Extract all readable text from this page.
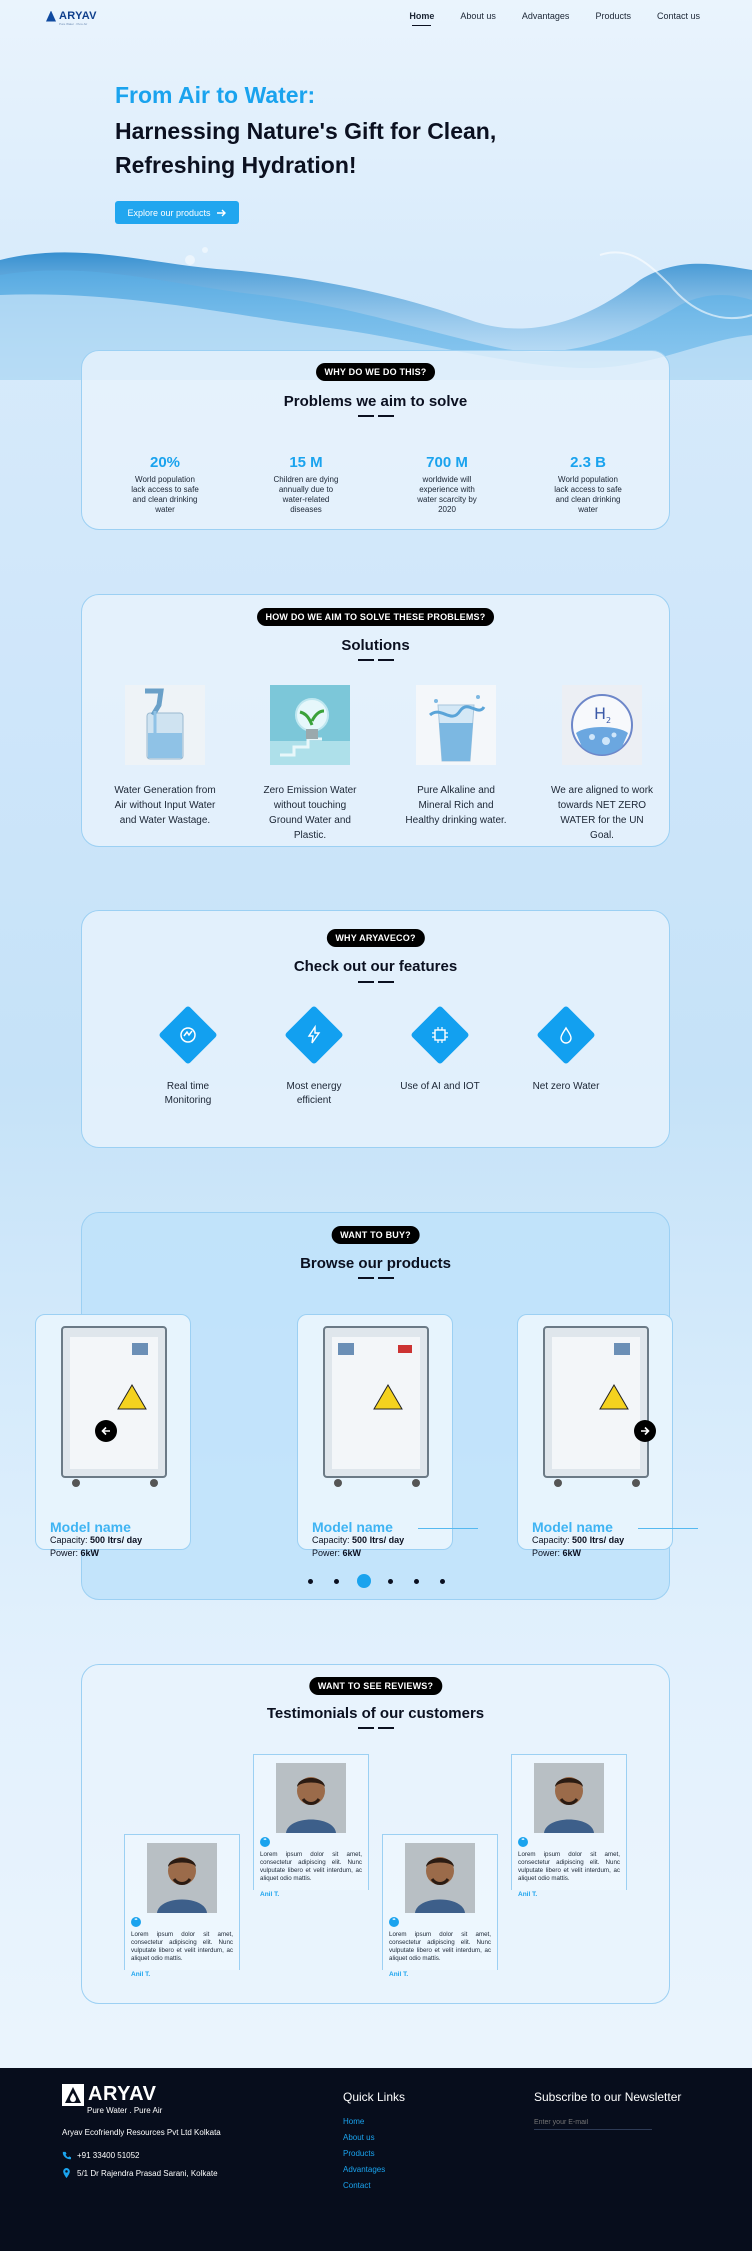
ARYAV
Pure Water . Pure Air
Home	About us	Advantages	Products	Contact us
From Air to Water:
Harnessing Nature's Gift for Clean, Refreshing Hydration!
Explore our products
WHY DO WE DO THIS?
Problems we aim to solve
20%
World population lack access to safe and clean drinking water
15 M
Children are dying annually due to water-related diseases
700 M
worldwide will experience with water scarcity by 2020
2.3 B
World population lack access to safe and clean drinking water
HOW DO WE AIM TO SOLVE THESE PROBLEMS?
Solutions
Water Generation from Air without Input Water and Water Wastage.
Zero Emission Water without touching Ground Water and Plastic.
Pure Alkaline and Mineral Rich and Healthy drinking water.
H 2
We are aligned to work towards NET ZERO WATER for the UN Goal.
WHY ARYAVECO?
Check out our features
Real time Monitoring
Most energy efficient
Use of AI and IOT	Net zero Water
WANT TO BUY?
Browse our products
Model name
Capacity: 500 ltrs/ day
Power: 6kW
Model name
Capacity: 500 ltrs/ day
Power: 6kW
Model name
Capacity: 500 ltrs/ day
Power: 6kW
WANT TO SEE REVIEWS?
Testimonials of our customers
“
Lorem ipsum dolor sit amet, consectetur adipiscing elit. Nunc vulputate libero et velit interdum, ac aliquet odio mattis.
Anil T.
“
Lorem ipsum dolor sit amet, consectetur adipiscing elit. Nunc vulputate libero et velit interdum, ac aliquet odio mattis.
Anil T.
“
Lorem ipsum dolor sit amet, consectetur adipiscing elit. Nunc vulputate libero et velit interdum, ac aliquet odio mattis.
Anil T.
“
Lorem ipsum dolor sit amet, consectetur adipiscing elit. Nunc vulputate libero et velit interdum, ac aliquet odio mattis.
Anil T.
ARYAV
Pure Water . Pure Air
Aryav Ecofriendly Resources Pvt Ltd Kolkata
+91 33400 51052
5/1 Dr Rajendra Prasad Sarani, Kolkate
Quick Links
Home
About us
Products
Advantages
Contact
Subscribe to our Newsletter
Enter your E-mail
